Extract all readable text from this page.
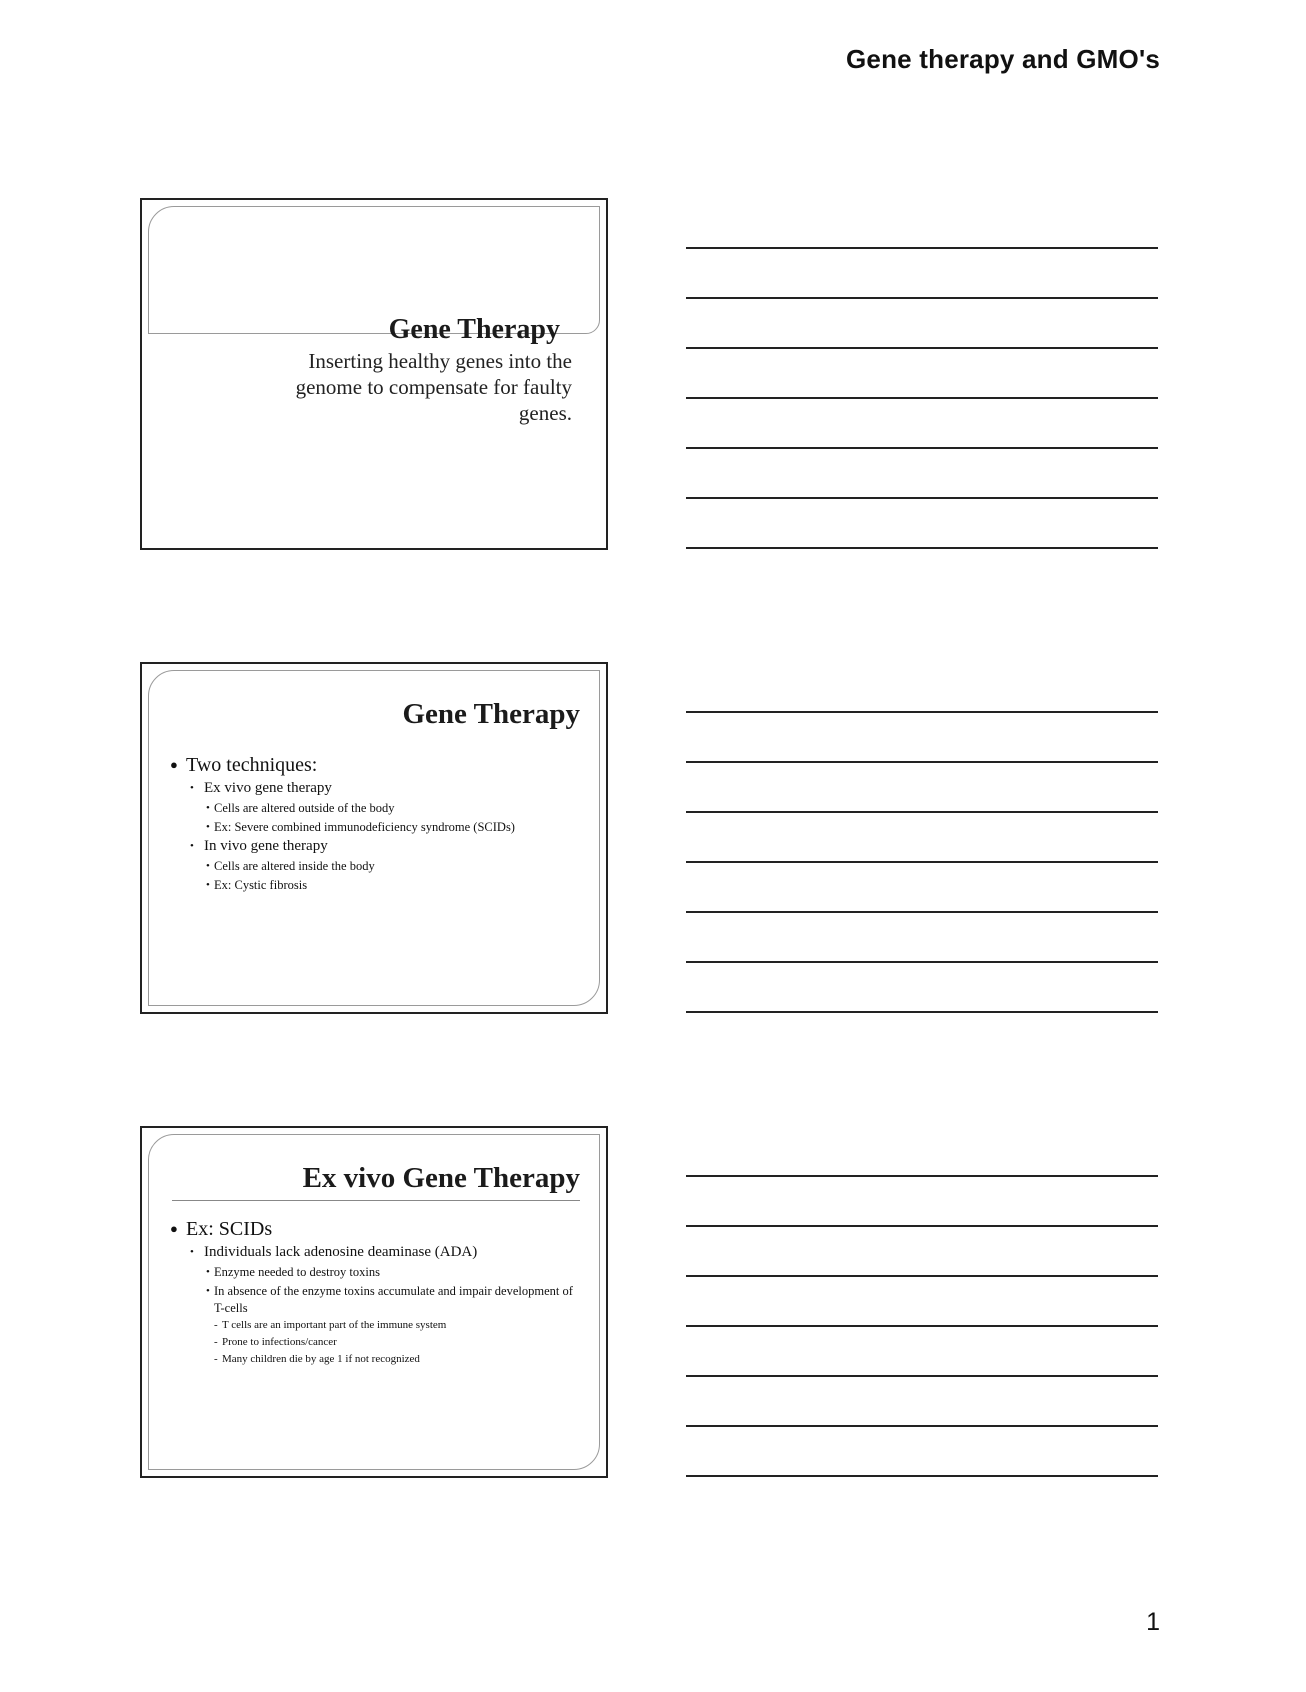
Gene therapy and GMO's
Gene Therapy
Inserting healthy genes into the genome to compensate for faulty genes.
Gene Therapy
● Two techniques:
• Ex vivo gene therapy
• Cells are altered outside of the body
• Ex: Severe combined immunodeficiency syndrome (SCIDs)
• In vivo gene therapy
• Cells are altered inside the body
• Ex: Cystic fibrosis
Ex vivo Gene Therapy
● Ex: SCIDs
• Individuals lack adenosine deaminase (ADA)
• Enzyme needed to destroy toxins
• In absence of the enzyme toxins accumulate and impair development of T-cells
- T cells are an important part of the immune system
- Prone to infections/cancer
- Many children die by age 1 if not recognized
1
